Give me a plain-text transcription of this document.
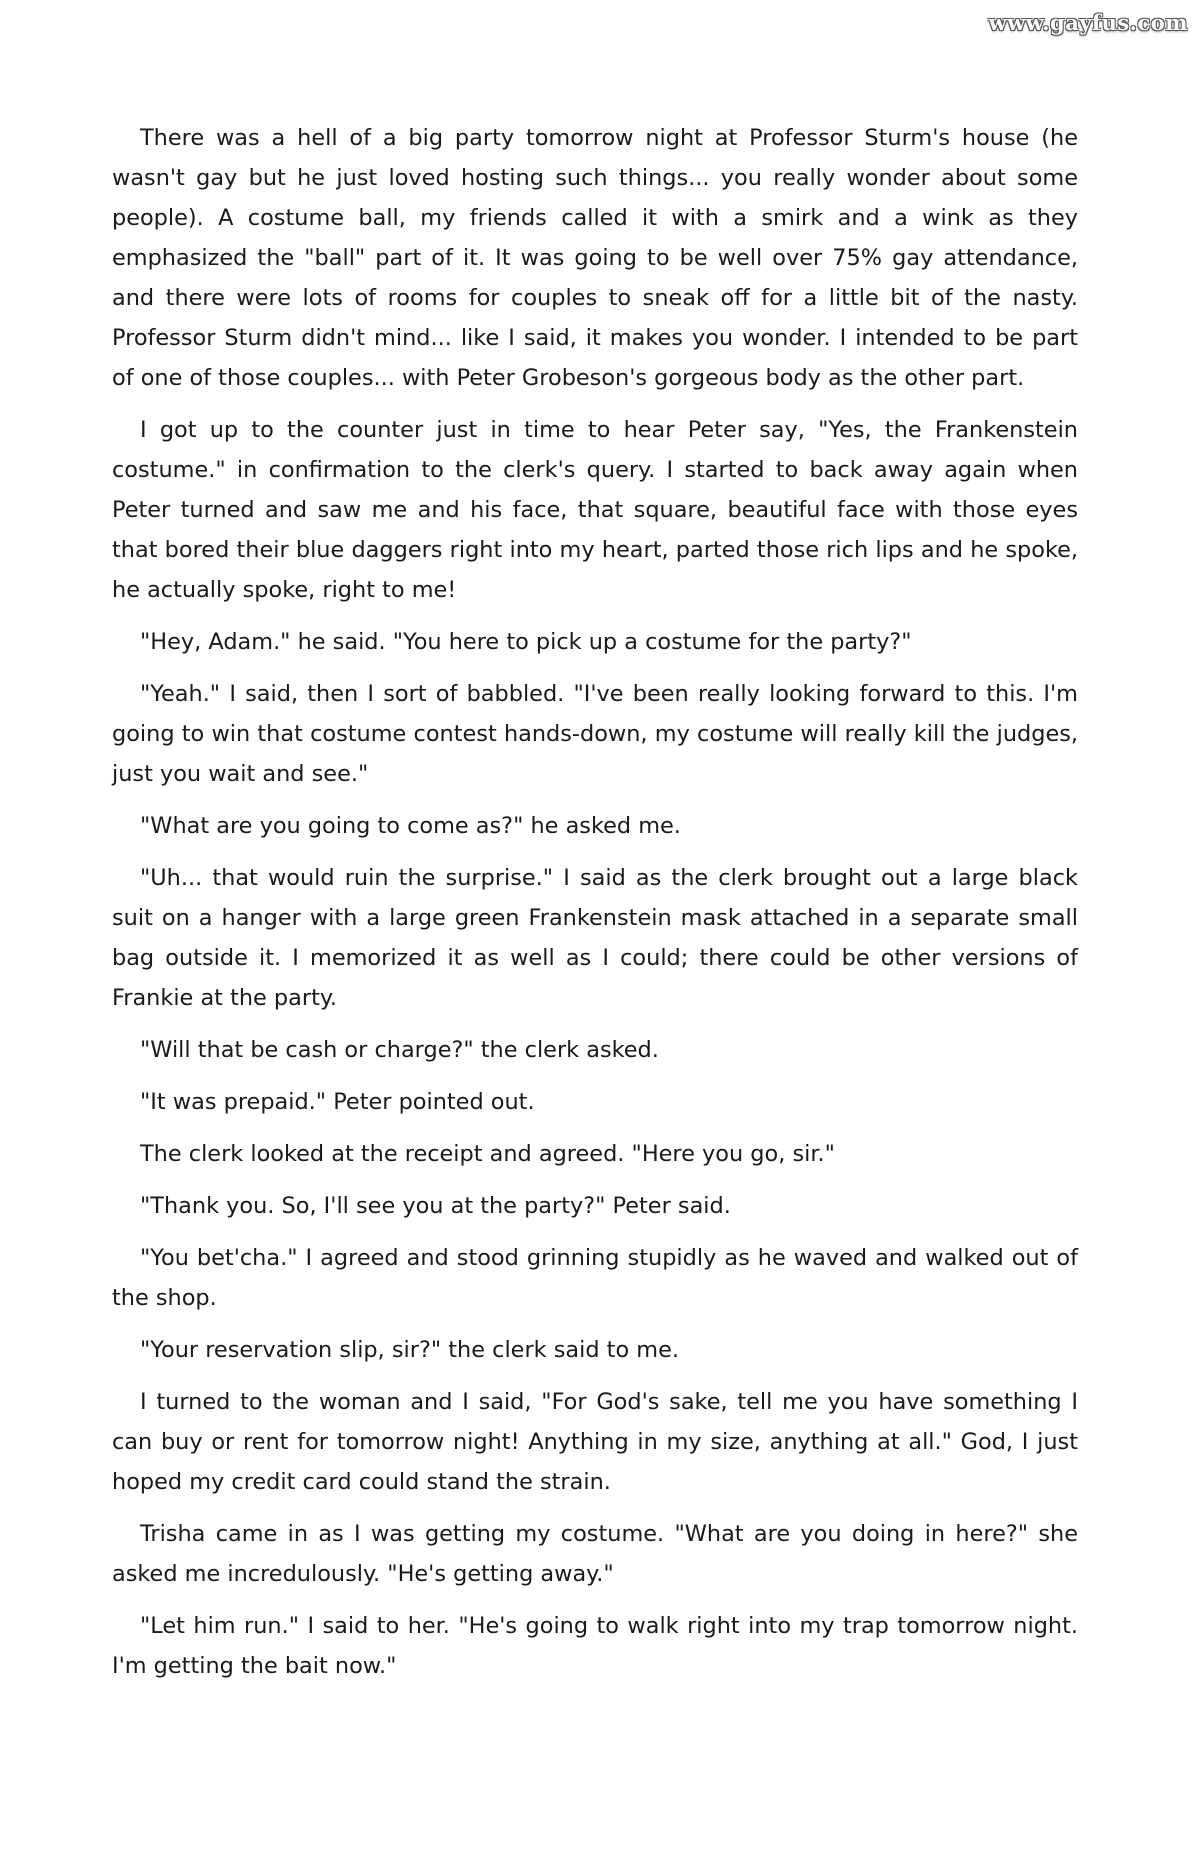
www.gayfus.com

There was a hell of a big party tomorrow night at Professor Sturm's house (he wasn't gay but he just loved hosting such things... you really wonder about some people). A costume ball, my friends called it with a smirk and a wink as they emphasized the "ball" part of it. It was going to be well over 75% gay attendance, and there were lots of rooms for couples to sneak off for a little bit of the nasty. Professor Sturm didn't mind... like I said, it makes you wonder. I intended to be part of one of those couples... with Peter Grobeson's gorgeous body as the other part.

I got up to the counter just in time to hear Peter say, "Yes, the Frankenstein costume." in confirmation to the clerk's query. I started to back away again when Peter turned and saw me and his face, that square, beautiful face with those eyes that bored their blue daggers right into my heart, parted those rich lips and he spoke, he actually spoke, right to me!

"Hey, Adam." he said. "You here to pick up a costume for the party?"

"Yeah." I said, then I sort of babbled. "I've been really looking forward to this. I'm going to win that costume contest hands-down, my costume will really kill the judges, just you wait and see."

"What are you going to come as?" he asked me.

"Uh... that would ruin the surprise." I said as the clerk brought out a large black suit on a hanger with a large green Frankenstein mask attached in a separate small bag outside it. I memorized it as well as I could; there could be other versions of Frankie at the party.

"Will that be cash or charge?" the clerk asked.

"It was prepaid." Peter pointed out.

The clerk looked at the receipt and agreed. "Here you go, sir."

"Thank you. So, I'll see you at the party?" Peter said.

"You bet'cha." I agreed and stood grinning stupidly as he waved and walked out of the shop.

"Your reservation slip, sir?" the clerk said to me.

I turned to the woman and I said, "For God's sake, tell me you have something I can buy or rent for tomorrow night! Anything in my size, anything at all." God, I just hoped my credit card could stand the strain.

Trisha came in as I was getting my costume. "What are you doing in here?" she asked me incredulously. "He's getting away."

"Let him run." I said to her. "He's going to walk right into my trap tomorrow night. I'm getting the bait now."
